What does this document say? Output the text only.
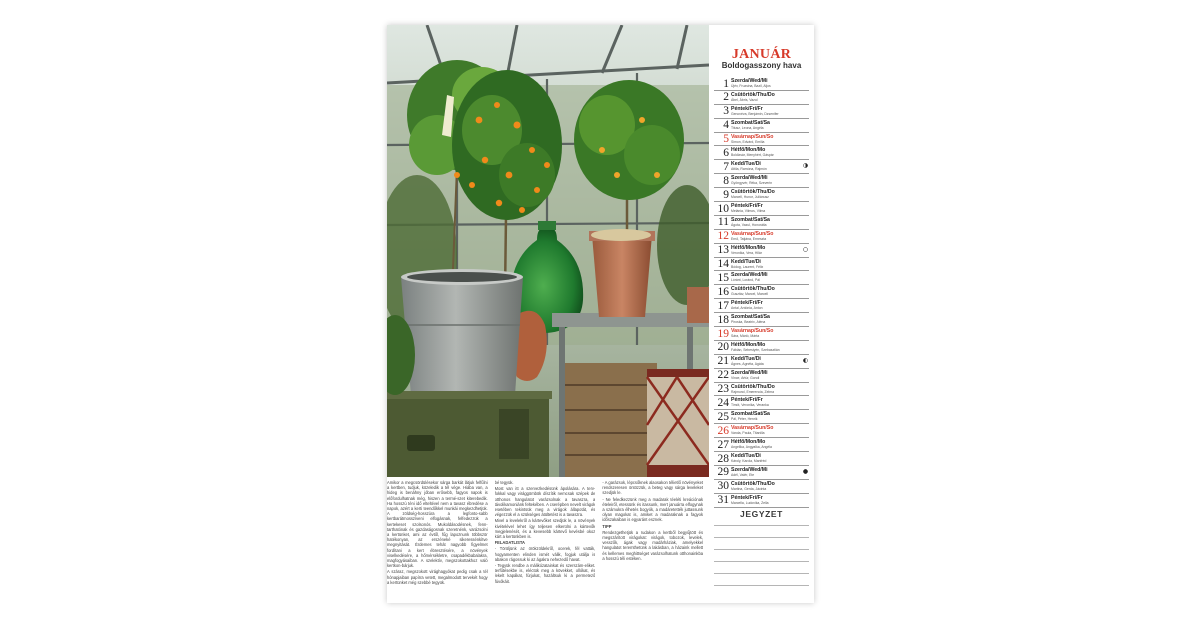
Amikor a megcsördülésekor sárga barkát látjuk felfűlni a kertben, tudjuk, közeledik a tél vége. Hiába van, a hideg is benáhny jóban erősebb, fagyos napok is előfordulhatnak még, hiszen a termé-szet kiterebedik. Ha hosszú téni idő elteltével nem a tavasz ébredése a napok, azért a kerti teendőkkel munkái megkezdhetjük. A zöldség-hosszúra a legfonto-sabb kertbarátmosszíveni elfogásnak, felfedezzük a kertekeset szolsonós. Mukoldásodésnek, fenn-tarthatónak és gazdaságosnak szeretnénk, varázsolni a kertünket, ami az évtől, fűg lapoznunk többször hatékonyan, az erszéneké sikeressénkítve megnyitását. Érdemes tehát nagyobb figyelmet fordítani a kert ébresztésére, a növények viselkedésére, a hőmérsékletre, csapadékbabalakra, magfogyásaiban. A szelektív, megszokottakhoz való kertkon-bárjuk.

A száraz, megszokott virághagyókat pedig csak a tél hónapjaiban papírra vetett, megalmodott tervekét hogy a kertünket még szebbé tegyük.

bé tegyük.

Most van itt a szervezkedésünk ápolására. A terv-fokkal vagy virággömbök díszítik nemcsak szépek de otthonos hangulatot varázsolnak a tavaszra, a távolikamoniánk feltekében. A cserépben nevelt virágok esetében tekintsük meg a virágok állapotát, és végezzük el a szükséges átültetést is a tavaszra.

Mivel a levelekről a kártevőket szedjük le, a növények kivételével lehet így teljesen elkerülni a kártevők megjelenését, és a kevesebb kártevő kevésbé okoz kárt a kertünkben is.

FELADATLISTA

- Töröljünk az örökzöldekről, ocerek, fél vatták, hogyamenten elinden ismét válik, fogjuk utálja is abakon rágossuk ki az ágakra nehezedő havat.

- Tegyük rendbe a málikózatainkat és szerszám-eliket. terfűtésekbe is, eléctük meg a kövekket, ollókat, és lekelt kapákat, fúrjukat, hazáltsuk ki a permetező fúvókáit.

- A garázsok, lépcsőknek alaosakon télietlő növényeket rendszeresen öntözzük, a beteg vagy sárga leveleket szedjük le.

- Ne feledkezzünk meg a madarak téeléti kreációnak ételeiről, etessünk és itassunk, mert januárra elfogynak a számukra élhetés bogyók, a madáretették juttassunk olyan magokat is, amiket a madaraknak a fagyok időszakaiban is egyaránt esznek.

TIPP

Rendezgethetjük a rudakon a kertből begyűjtött és megszárított virágokat: virágok, tobozok, levelek, vesszők, ágak vagy madárháziak, amelyekkel hangulatot teremthetünk a lakásban, a házaink mellett és kellemes meghittséget varázsolhatunk otthonainkba a hosszú téli estéken.

JANUÁR
Boldogasszony hava
1 Szerda/Wed/Mi
Újév, Fruzsina, Bazil, Aljos
2 Csütörtök/Thu/Do
Ábel, Ábris, Vazul
3 Péntek/Fri/Fr
Genovéva, Benjámin, Dzsenifer
4 Szombat/Sat/Sa
Titusz, Leona, Angéla
5 Vasárnap/Sun/So
Simon, Edvárd, Emilia
6 Hétfő/Mon/Mo
Boldizsár, Menyhért, Gáspár
7 Kedd/Tue/Di
Attila, Ramóna, Rajmón
8 Szerda/Wed/Mi
Gyöngyvér, Réka, Szeverin
9 Csütörtök/Thu/Do
Marcell, Hunor, Juliánusz
10 Péntek/Fri/Fr
Melánia, Vilmos, Vilma
11 Szombat/Sat/Sa
Ágota, Vazul, Honorátia
12 Vasárnap/Sun/So
Ernő, Tatjána, Erneszta
13 Hétfő/Mon/Mo
Veronika, Vera, Hilár
14 Kedd/Tue/Di
Bódog, Laurent, Félix
15 Szerda/Wed/Mi
Lóránt, Loránd, Pál
16 Csütörtök/Thu/Do
Gusztáv, Marcel, Marcell
17 Péntek/Fri/Fr
Antal, Antónia, Anton
18 Szombat/Sat/Sa
Piroska, Beatrix, Aténa
19 Vasárnap/Sun/So
Sára, Márió, Márta
20 Hétfő/Mon/Mo
Fábián, Sebestyén, Szebasztián
21 Kedd/Tue/Di
Ágnes, Agnéta, Agáta
22 Szerda/Wed/Mi
Vince, Artúr, Gondi
23 Csütörtök/Thu/Do
Rajmund, Emerencia, Zelma
24 Péntek/Fri/Fr
Timót, Veronika, Veranka
25 Szombat/Sat/Sa
Pál, Péter, Henrik
26 Vasárnap/Sun/So
Vanda, Paula, Titanilla
27 Hétfő/Mon/Mo
Angelika, Angyalka, Angéla
28 Kedd/Tue/Di
Károly, Karola, Manfréd
29 Szerda/Wed/Mi
Adél, Valér, Ete
30 Csütörtök/Thu/Do
Martina, Gerda, Jácinta
31 Péntek/Fri/Fr
Marcella, Ludovika, Zella
JEGYZET
